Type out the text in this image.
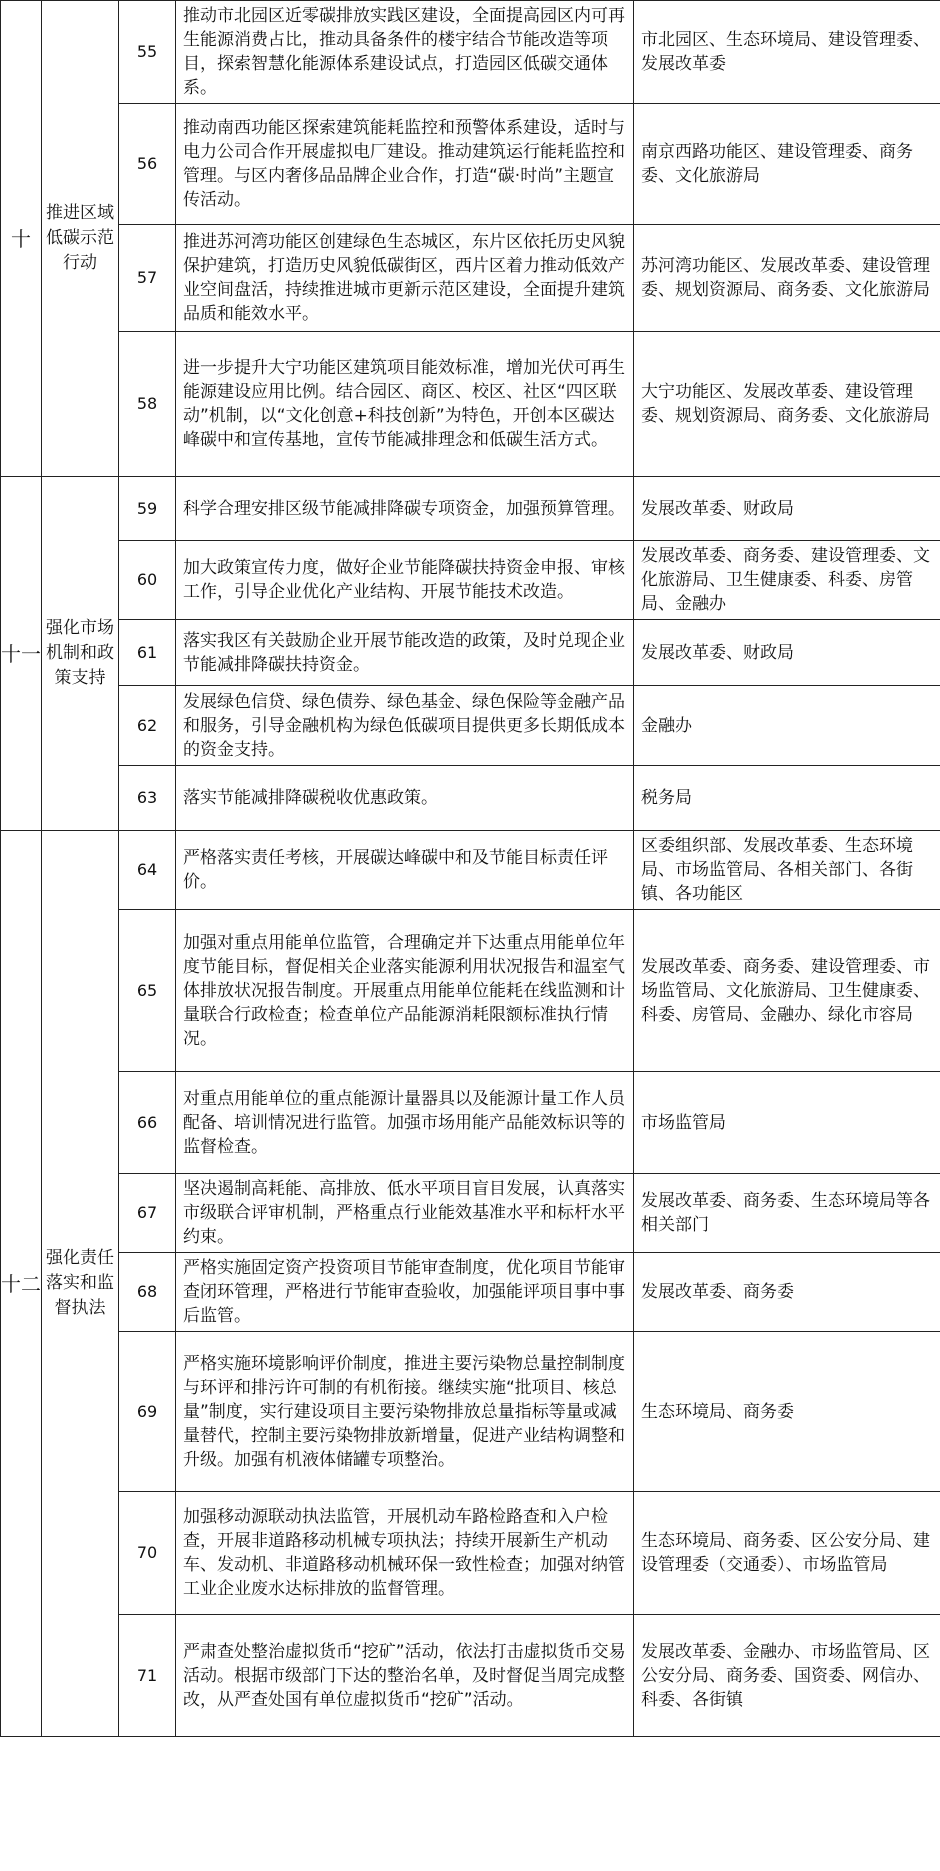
十	推进区域低碳示范行动	55	推动市北园区近零碳排放实践区建设，全面提高园区内可再生能源消费占比，推动具备条件的楼宇结合节能改造等项目，探索智慧化能源体系建设试点，打造园区低碳交通体系。	市北园区、生态环境局、建设管理委、发展改革委
		56	推动南西功能区探索建筑能耗监控和预警体系建设，适时与电力公司合作开展虚拟电厂建设。推动建筑运行能耗监控和管理。与区内奢侈品品牌企业合作，打造“碳·时尚”主题宣传活动。	南京西路功能区、建设管理委、商务委、文化旅游局
		57	推进苏河湾功能区创建绿色生态城区，东片区依托历史风貌保护建筑，打造历史风貌低碳街区，西片区着力推动低效产业空间盘活，持续推进城市更新示范区建设，全面提升建筑品质和能效水平。	苏河湾功能区、发展改革委、建设管理委、规划资源局、商务委、文化旅游局
		58	进一步提升大宁功能区建筑项目能效标准，增加光伏可再生能源建设应用比例。结合园区、商区、校区、社区“四区联动”机制，以“文化创意+科技创新”为特色，开创本区碳达峰碳中和宣传基地，宣传节能减排理念和低碳生活方式。	大宁功能区、发展改革委、建设管理委、规划资源局、商务委、文化旅游局
十一	强化市场机制和政策支持	59	科学合理安排区级节能减排降碳专项资金，加强预算管理。	发展改革委、财政局
		60	加大政策宣传力度，做好企业节能降碳扶持资金申报、审核工作，引导企业优化产业结构、开展节能技术改造。	发展改革委、商务委、建设管理委、文化旅游局、卫生健康委、科委、房管局、金融办
		61	落实我区有关鼓励企业开展节能改造的政策，及时兑现企业节能减排降碳扶持资金。	发展改革委、财政局
		62	发展绿色信贷、绿色债券、绿色基金、绿色保险等金融产品和服务，引导金融机构为绿色低碳项目提供更多长期低成本的资金支持。	金融办
		63	落实节能减排降碳税收优惠政策。	税务局
十二	强化责任落实和监督执法	64	严格落实责任考核，开展碳达峰碳中和及节能目标责任评价。	区委组织部、发展改革委、生态环境局、市场监管局、各相关部门、各街镇、各功能区
		65	加强对重点用能单位监管，合理确定并下达重点用能单位年度节能目标，督促相关企业落实能源利用状况报告和温室气体排放状况报告制度。开展重点用能单位能耗在线监测和计量联合行政检查；检查单位产品能源消耗限额标准执行情况。	发展改革委、商务委、建设管理委、市场监管局、文化旅游局、卫生健康委、科委、房管局、金融办、绿化市容局
		66	对重点用能单位的重点能源计量器具以及能源计量工作人员配备、培训情况进行监管。加强市场用能产品能效标识等的监督检查。	市场监管局
		67	坚决遏制高耗能、高排放、低水平项目盲目发展，认真落实市级联合评审机制，严格重点行业能效基准水平和标杆水平约束。	发展改革委、商务委、生态环境局等各相关部门
		68	严格实施固定资产投资项目节能审查制度，优化项目节能审查闭环管理，严格进行节能审查验收，加强能评项目事中事后监管。	发展改革委、商务委
		69	严格实施环境影响评价制度，推进主要污染物总量控制制度与环评和排污许可制的有机衔接。继续实施“批项目、核总量”制度，实行建设项目主要污染物排放总量指标等量或减量替代，控制主要污染物排放新增量，促进产业结构调整和升级。加强有机液体储罐专项整治。	生态环境局、商务委
		70	加强移动源联动执法监管，开展机动车路检路查和入户检查，开展非道路移动机械专项执法；持续开展新生产机动车、发动机、非道路移动机械环保一致性检查；加强对纳管工业企业废水达标排放的监督管理。	生态环境局、商务委、区公安分局、建设管理委（交通委）、市场监管局
		71	严肃查处整治虚拟货币“挖矿”活动，依法打击虚拟货币交易活动。根据市级部门下达的整治名单，及时督促当周完成整改，从严查处国有单位虚拟货币“挖矿”活动。	发展改革委、金融办、市场监管局、区公安分局、商务委、国资委、网信办、科委、各街镇
